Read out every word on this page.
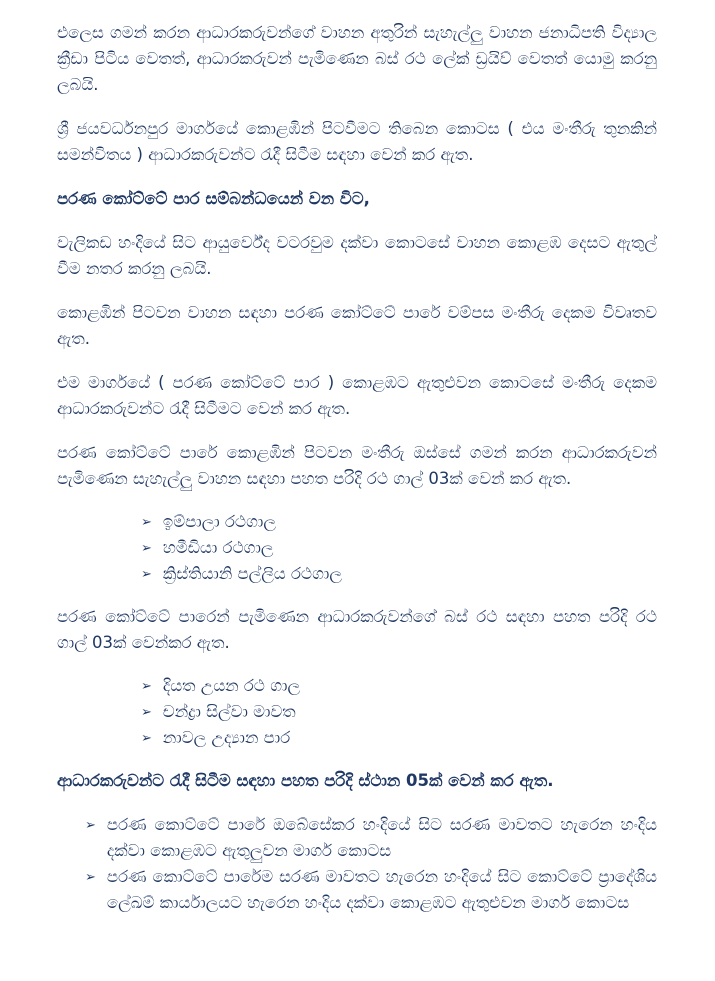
එලෙස ගමන් කරන ආධාරකරුවන්ගේ වාහන අතුරින් සැහැල්ලු වාහන ජනාධිපති විද්‍යාල ක්‍රීඩා පිටිය වෙතත්, ආධාරකරුවන් පැමිණෙන බස් රථ ලේක් ඩ්‍රයිව් වෙතත් යොමු කරනු ලබයි.

ශ්‍රී ජයවර්ධනපුර මාර්ගයේ කොළඹින් පිටවීමට තිබෙන කොටස ( එය මංතීරු තුනකින් සමන්විතය ) ආධාරකරුවන්ට රැදී සිටීම සඳහා වෙන් කර ඇත.

පරණ කෝට්ටේ පාර සම්බන්ධයෙන් වන විට,

වැලිකඩ හංදියේ සිට ආයුර්වේද වටරවුම දක්වා කොටසේ වාහන කොළඹ දෙසට ඇතුල් වීම නතර කරනු ලබයි.

කොළඹින් පිටවන වාහන සඳහා පරණ කෝට්ටේ පාරේ වම්පස මංතීරු දෙකම විවෘතව ඇත.

එම මාර්ගයේ ( පරණ කෝට්ටේ පාර ) කොළඹට ඇතුළුවන කොටසේ මංතීරු දෙකම ආධාරකරුවන්ට රැදී සිටීමට වෙන් කර ඇත.

පරණ කෝට්ටේ පාරේ කොළඹින් පිටවන මංතීරු ඔස්සේ ගමන් කරන ආධාරකරුවන් පැමිණෙන සැහැල්ලු වාහන සඳහා පහත පරිදි රථ ගාල් 03ක් වෙන් කර ඇත.

➢ ඉම්පාලා රථගාල
➢ හමීඩියා රථගාල
➢ ක්‍රිස්තියානි පල්ලිය රථගාල

පරණ කෝට්ටේ පාරෙන් පැමිණෙන ආධාරකරුවන්ගේ බස් රථ සඳහා පහත පරිදි රථ ගාල් 03ක් වෙන්කර ඇත.

➢ දියත උයන රථ ගාල
➢ චන්ද්‍රා සිල්වා මාවත
➢ නාවල උද්‍යාන පාර

ආධාරකරුවන්ට රැදී සිටීම සඳහා පහත පරිදි ස්ථාන 05ක් වෙන් කර ඇත.

➢ පරණ කොට්ටේ පාරේ ඔබේසේකර හංදියේ සිට සරණ මාවතට හැරෙන හංදිය දක්වා කොළඹට ඇතුලුවන මාර්ග කොටස
➢ පරණ කොට්ටේ පාරේම සරණ මාවතට හැරෙන හංදියේ සිට කොට්ටේ ප්‍රාදේශිය ලේඛම් කාර්යාලයට හැරෙන හංදිය දක්වා කොළඹට ඇතුළුවන මාර්ග කොටස
